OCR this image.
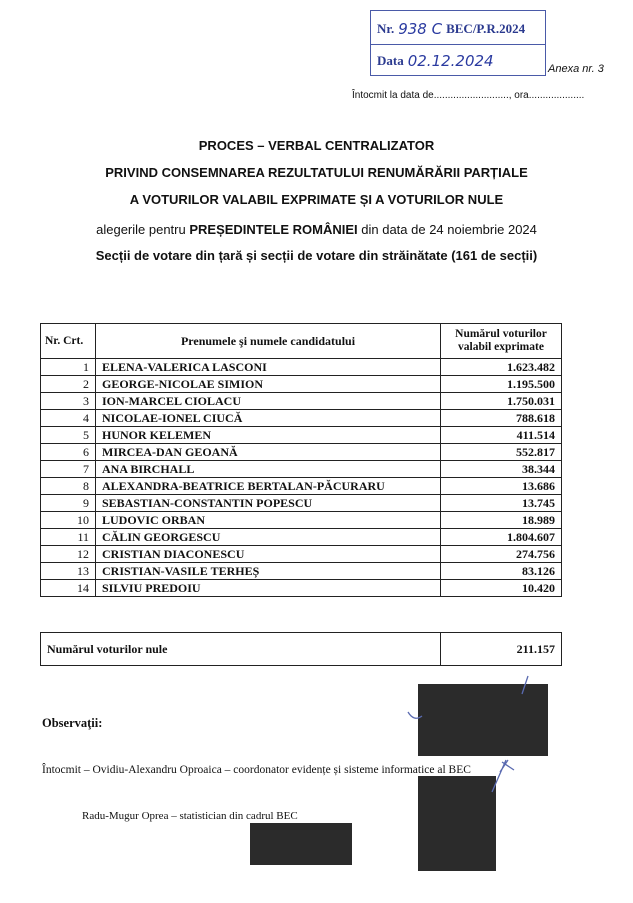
Nr. 938 C BEC/P.R.2024
Data 02.12.2024	Anexa nr. 3
Întocmit la data de..........................., ora....................
PROCES – VERBAL CENTRALIZATOR
PRIVIND CONSEMNAREA REZULTATULUI RENUMĂRĂRII PARȚIALE
A VOTURILOR VALABIL EXPRIMATE ȘI A VOTURILOR NULE
alegerile pentru PREȘEDINTELE ROMÂNIEI din data de 24 noiembrie 2024
Secții de votare din țară și secții de votare din străinătate (161 de secții)
Nr. Crt.	Prenumele şi numele candidatului	Numărul voturilor valabil exprimate
1	ELENA-VALERICA LASCONI	1.623.482
2	GEORGE-NICOLAE SIMION	1.195.500
3	ION-MARCEL CIOLACU	1.750.031
4	NICOLAE-IONEL CIUCĂ	788.618
5	HUNOR KELEMEN	411.514
6	MIRCEA-DAN GEOANĂ	552.817
7	ANA BIRCHALL	38.344
8	ALEXANDRA-BEATRICE BERTALAN-PĂCURARU	13.686
9	SEBASTIAN-CONSTANTIN POPESCU	13.745
10	LUDOVIC ORBAN	18.989
11	CĂLIN GEORGESCU	1.804.607
12	CRISTIAN DIACONESCU	274.756
13	CRISTIAN-VASILE TERHEȘ	83.126
14	SILVIU PREDOIU	10.420
Numărul voturilor nule	211.157
Observaţii:
Întocmit – Ovidiu-Alexandru Oproaica – coordonator evidențe și sisteme informatice al BEC
Radu-Mugur Oprea – statistician din cadrul BEC
